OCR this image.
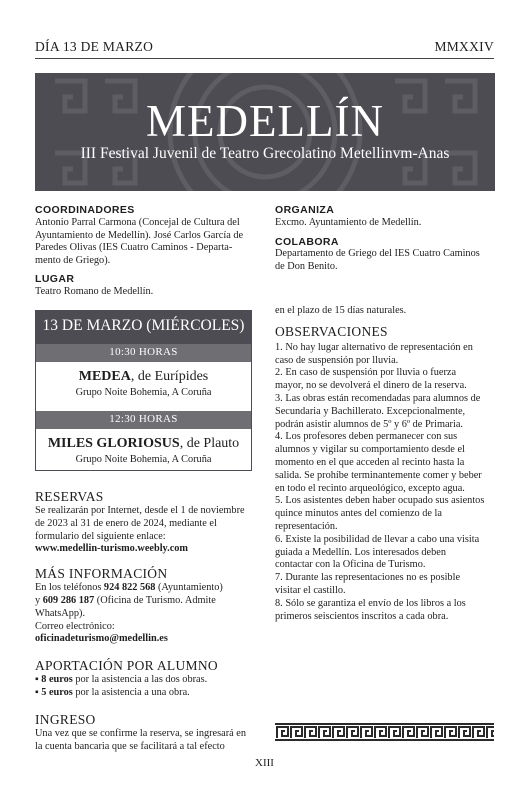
DÍA 13 DE MARZO	MMXXIV
MEDELLÍN
III Festival Juvenil de Teatro Grecolatino Metellinvm-Anas
COORDINADORES
Antonio Parral Carmona (Concejal de Cultura del
Ayuntamiento de Medellín). José Carlos García de
Paredes Olivas (IES Cuatro Caminos - Departa-
mento de Griego).
LUGAR
Teatro Romano de Medellín.
ORGANIZA
Excmo. Ayuntamiento de Medellín.
COLABORA
Departamento de Griego del IES Cuatro Caminos
de Don Benito.
13 DE MARZO (MIÉRCOLES)
10:30 HORAS
MEDEA, de Eurípides
Grupo Noite Bohemia, A Coruña
12:30 HORAS
MILES GLORIOSUS, de Plauto
Grupo Noite Bohemia, A Coruña
RESERVAS
Se realizarán por Internet, desde el 1 de noviembre
de 2023 al 31 de enero de 2024, mediante el
formulario del siguiente enlace:
www.medellin-turismo.weebly.com
MÁS INFORMACIÓN
En los teléfonos 924 822 568 (Ayuntamiento)
y 609 286 187 (Oficina de Turismo. Admite
WhatsApp).
Correo electrónico:
oficinadeturismo@medellin.es
APORTACIÓN POR ALUMNO
▪ 8 euros por la asistencia a las dos obras.
▪ 5 euros por la asistencia a una obra.
INGRESO
Una vez que se confirme la reserva, se ingresará en
la cuenta bancaria que se facilitará a tal efecto
en el plazo de 15 días naturales.
OBSERVACIONES
1. No hay lugar alternativo de representación en
caso de suspensión por lluvia.
2. En caso de suspensión por lluvia o fuerza
mayor, no se devolverá el dinero de la reserva.
3. Las obras están recomendadas para alumnos de
Secundaria y Bachillerato. Excepcionalmente,
podrán asistir alumnos de 5º y 6º de Primaria.
4. Los profesores deben permanecer con sus
alumnos y vigilar su comportamiento desde el
momento en el que acceden al recinto hasta la
salida. Se prohíbe terminantemente comer y beber
en todo el recinto arqueológico, excepto agua.
5. Los asistentes deben haber ocupado sus asientos
quince minutos antes del comienzo de la
representación.
6. Existe la posibilidad de llevar a cabo una visita
guiada a Medellín. Los interesados deben
contactar con la Oficina de Turismo.
7. Durante las representaciones no es posible
visitar el castillo.
8. Sólo se garantiza el envío de los libros a los
primeros seiscientos inscritos a cada obra.
XIII
